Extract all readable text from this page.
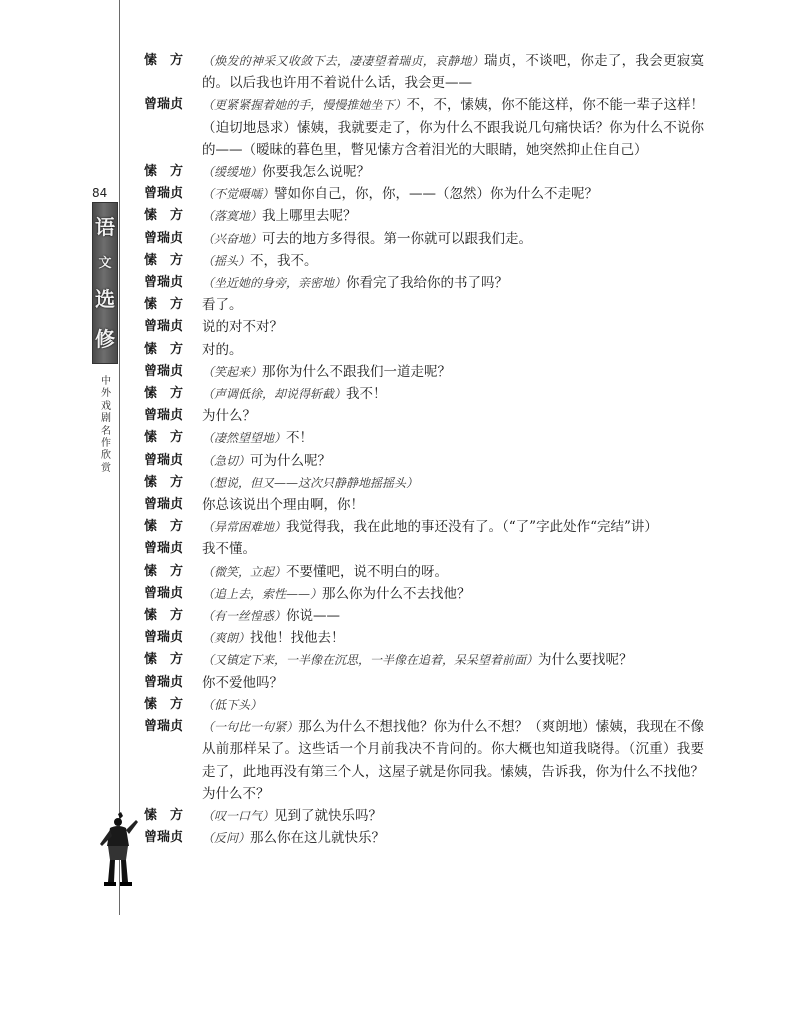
84
语
文
选
修
中
外
戏
剧
名
作
欣
赏
愫　方	（焕发的神采又收敛下去，凄凄望着瑞贞，哀静地）瑞贞，不谈吧，你走了，我会更寂寞的。以后我也许用不着说什么话，我会更——
曾瑞贞	（更紧紧握着她的手，慢慢推她坐下）不，不，愫姨，你不能这样，你不能一辈子这样！（迫切地恳求）愫姨，我就要走了，你为什么不跟我说几句痛快话？你为什么不说你的——（暧昧的暮色里，瞥见愫方含着泪光的大眼睛，她突然抑止住自己）
愫　方	（缓缓地）你要我怎么说呢？
曾瑞贞	（不觉嗫嚅）譬如你自己，你，你，——（忽然）你为什么不走呢？
愫　方	（落寞地）我上哪里去呢？
曾瑞贞	（兴奋地）可去的地方多得很。第一你就可以跟我们走。
愫　方	（摇头）不，我不。
曾瑞贞	（坐近她的身旁，亲密地）你看完了我给你的书了吗？
愫　方	看了。
曾瑞贞	说的对不对？
愫　方	对的。
曾瑞贞	（笑起来）那你为什么不跟我们一道走呢？
愫　方	（声调低徐，却说得斩截）我不！
曾瑞贞	为什么？
愫　方	（凄然望望地）不！
曾瑞贞	（急切）可为什么呢？
愫　方	（想说，但又——这次只静静地摇摇头）
曾瑞贞	你总该说出个理由啊，你！
愫　方	（异常困难地）我觉得我，我在此地的事还没有了。（“了”字此处作“完结”讲）
曾瑞贞	我不懂。
愫　方	（微笑，立起）不要懂吧，说不明白的呀。
曾瑞贞	（追上去，索性——）那么你为什么不去找他？
愫　方	（有一丝惶惑）你说——
曾瑞贞	（爽朗）找他！找他去！
愫　方	（又镇定下来，一半像在沉思，一半像在追着，呆呆望着前面）为什么要找呢？
曾瑞贞	你不爱他吗？
愫　方	（低下头）
曾瑞贞	（一句比一句紧）那么为什么不想找他？你为什么不想？（爽朗地）愫姨，我现在不像从前那样呆了。这些话一个月前我决不肯问的。你大概也知道我晓得。（沉重）我要走了，此地再没有第三个人，这屋子就是你同我。愫姨，告诉我，你为什么不找他？为什么不？
愫　方	（叹一口气）见到了就快乐吗？
曾瑞贞	（反问）那么你在这儿就快乐？
